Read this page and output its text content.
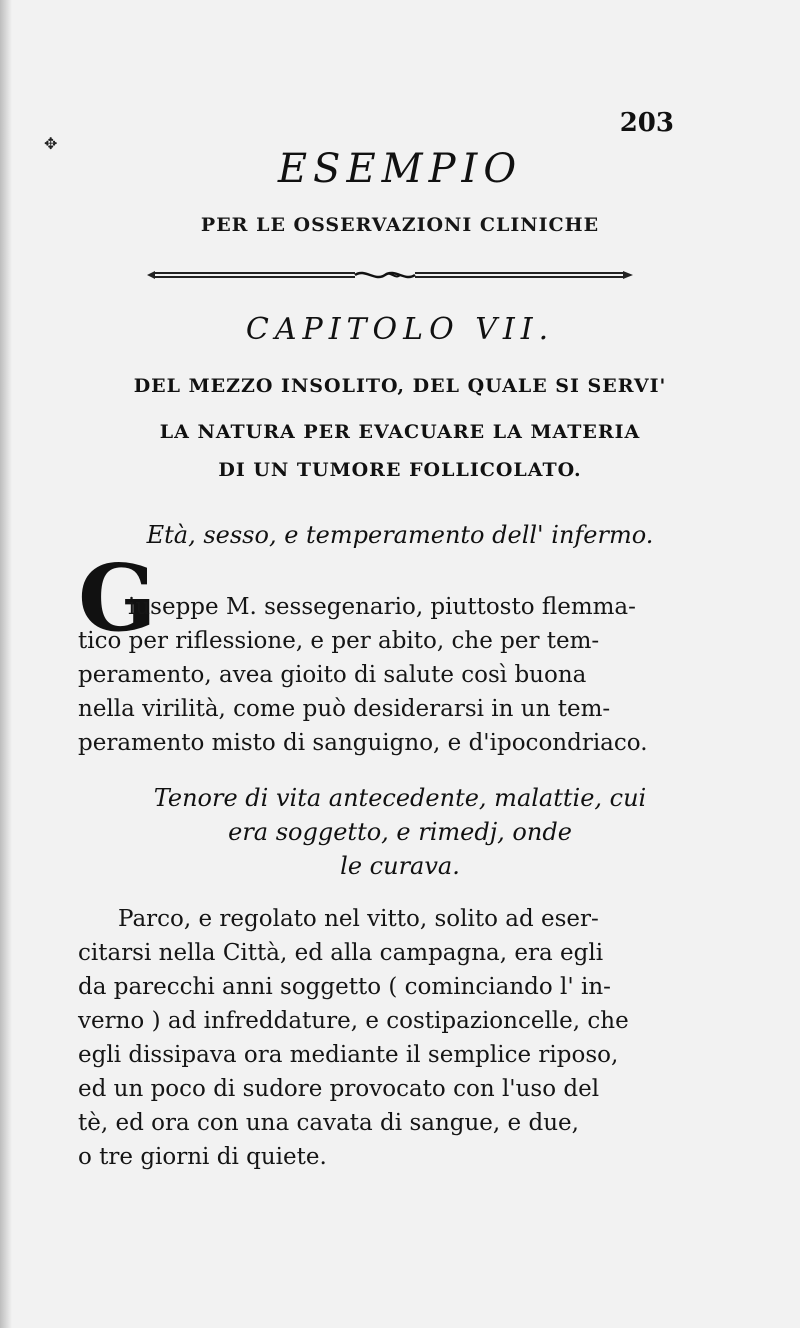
✥
203
ESEMPIO
PER LE OSSERVAZIONI CLINICHE
CAPITOLO VII.
DEL MEZZO INSOLITO, DEL QUALE SI SERVI'
LA NATURA PER EVACUARE LA MATERIA
DI UN TUMORE FOLLICOLATO.
Età, sesso, e temperamento dell' infermo.
G
iuseppe M. sessegenario, piuttosto flemma-
tico per riflessione, e per abito, che per tem-
peramento, avea gioito di salute così buona
nella virilità, come può desiderarsi in un tem-
peramento misto di sanguigno, e d'ipocondriaco.
Tenore di vita antecedente, malattie, cui
era soggetto, e rimedj, onde
le curava.
Parco, e regolato nel vitto, solito ad eser-
citarsi nella Città, ed alla campagna, era egli
da parecchi anni soggetto ( cominciando l' in-
verno ) ad infreddature, e costipazioncelle, che
egli dissipava ora mediante il semplice riposo,
ed un poco di sudore provocato con l'uso del
tè, ed ora con una cavata di sangue, e due,
o tre giorni di quiete.
